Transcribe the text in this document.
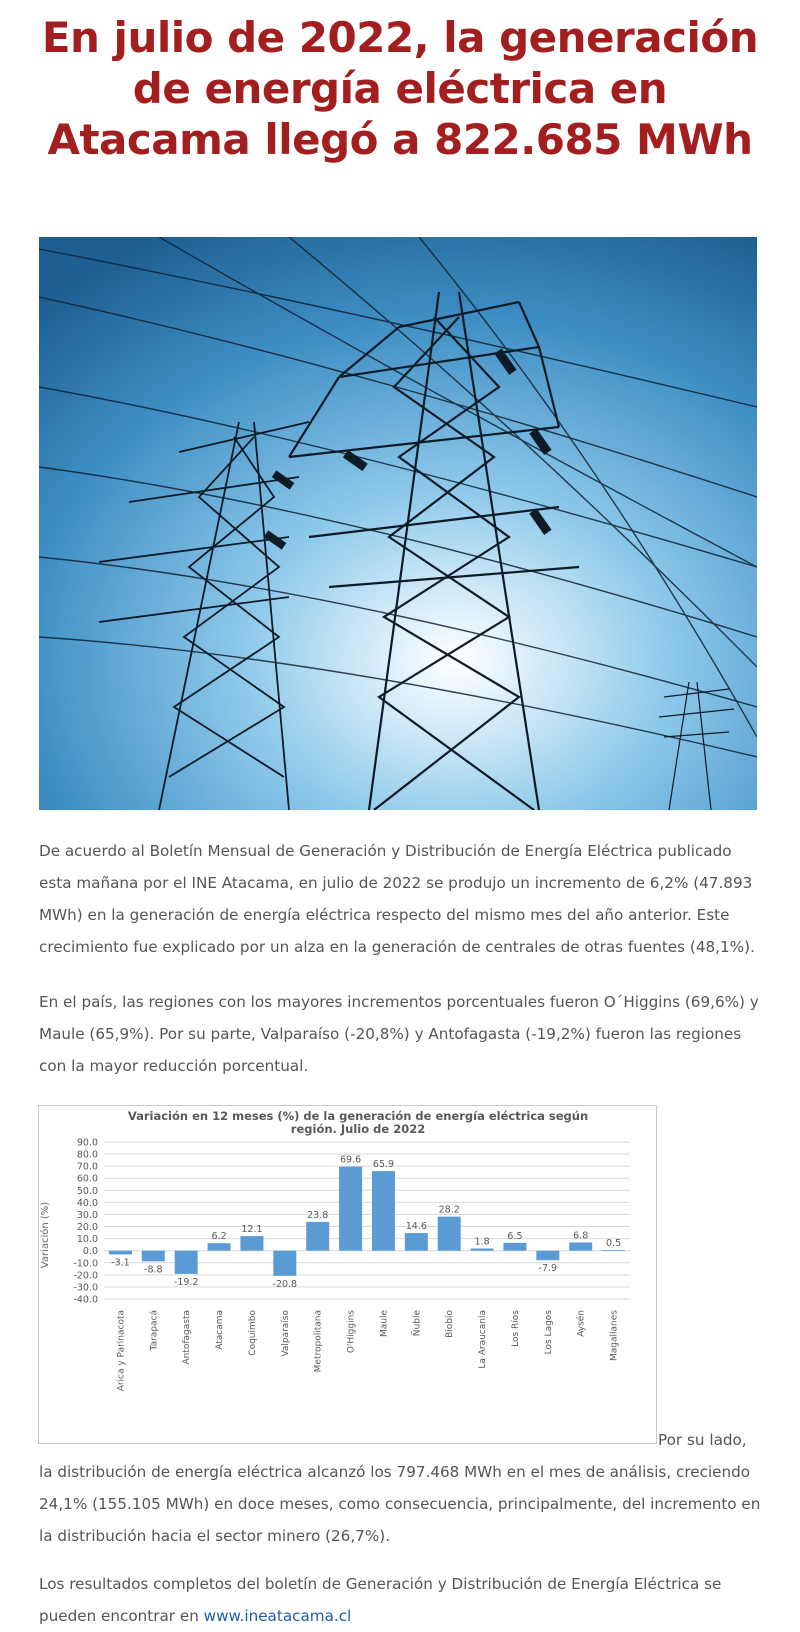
En julio de 2022, la generación de energía eléctrica en Atacama llegó a 822.685 MWh

De acuerdo al Boletín Mensual de Generación y Distribución de Energía Eléctrica publicado esta mañana por el INE Atacama, en julio de 2022 se produjo un incremento de 6,2% (47.893 MWh) en la generación de energía eléctrica respecto del mismo mes del año anterior. Este crecimiento fue explicado por un alza en la generación de centrales de otras fuentes (48,1%).

En el país, las regiones con los mayores incrementos porcentuales fueron O´Higgins (69,6%) y Maule (65,9%). Por su parte, Valparaíso (-20,8%) y Antofagasta (-19,2%) fueron las regiones con la mayor reducción porcentual.

Variación en 12 meses (%) de la generación de energía eléctrica según
región. Julio de 2022
Variación (%)
90.0
80.0
70.0
60.0
50.0
40.0
30.0
20.0
10.0
0.0
-10.0
-20.0
-30.0
-40.0
-3.1
-8.8
-19.2
6.2
12.1
-20.8
23.8
69.6 65.9
14.6
28.2
1.8
6.5
-7.9
6.8
0.5
Arica y Parinacota	Tarapacá	Antofagasta	Atacama	Coquimbo	Valparaíso	Metropolitana	O'Higgins	Maule	Ñuble	Biobío	La Araucanía	Los Ríos	Los Lagos	Aysén	Magallanes
Por su lado,

la distribución de energía eléctrica alcanzó los 797.468 MWh en el mes de análisis, creciendo 24,1% (155.105 MWh) en doce meses, como consecuencia, principalmente, del incremento en la distribución hacia el sector minero (26,7%).

Los resultados completos del boletín de Generación y Distribución de Energía Eléctrica se pueden encontrar en www.ineatacama.cl
